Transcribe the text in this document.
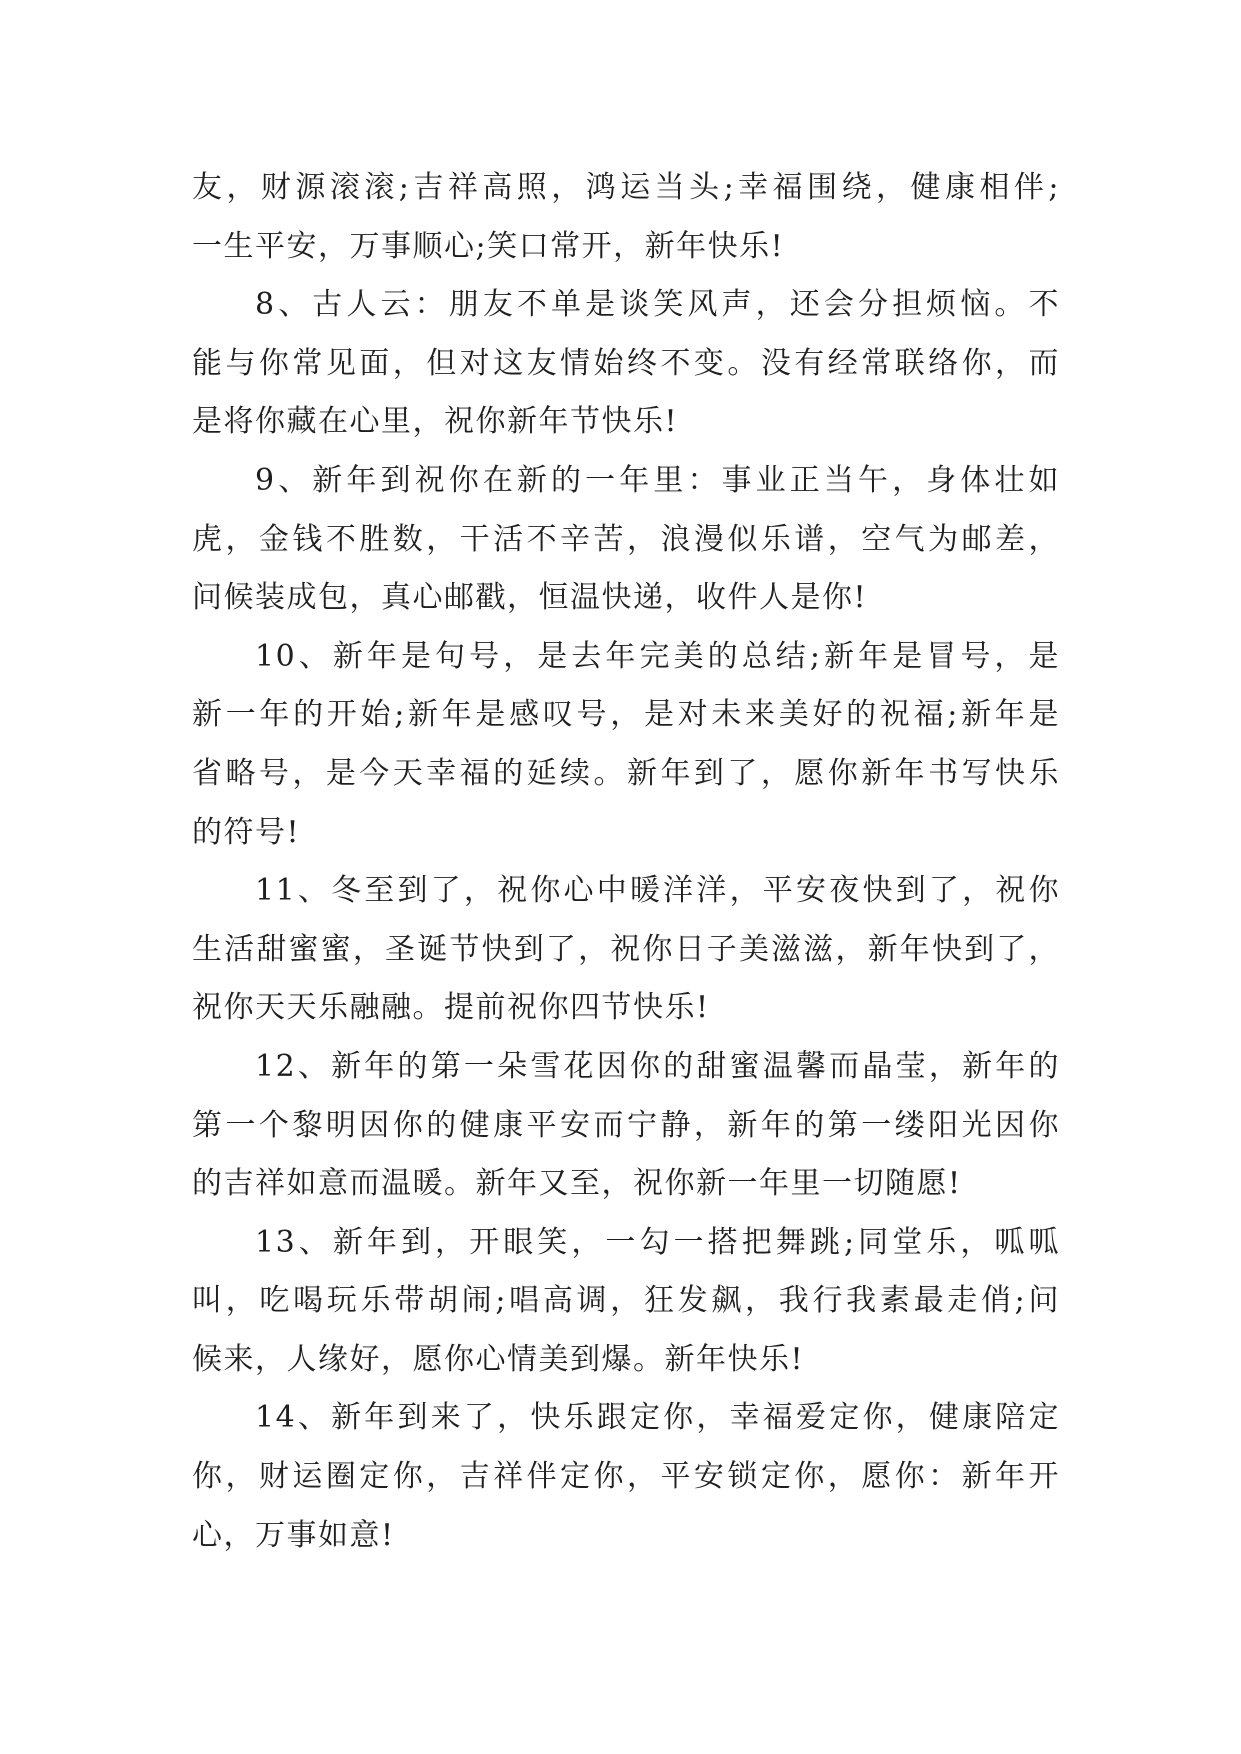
友，财源滚滚;吉祥高照，鸿运当头;幸福围绕，健康相伴;
一生平安，万事顺心;笑口常开，新年快乐!
8、古人云：朋友不单是谈笑风声，还会分担烦恼。不
能与你常见面，但对这友情始终不变。没有经常联络你，而
是将你藏在心里，祝你新年节快乐!
9、新年到祝你在新的一年里：事业正当午，身体壮如
虎，金钱不胜数，干活不辛苦，浪漫似乐谱，空气为邮差，
问候装成包，真心邮戳，恒温快递，收件人是你!
10、新年是句号，是去年完美的总结;新年是冒号，是
新一年的开始;新年是感叹号，是对未来美好的祝福;新年是
省略号，是今天幸福的延续。新年到了，愿你新年书写快乐
的符号!
11、冬至到了，祝你心中暖洋洋，平安夜快到了，祝你
生活甜蜜蜜，圣诞节快到了，祝你日子美滋滋，新年快到了，
祝你天天乐融融。提前祝你四节快乐!
12、新年的第一朵雪花因你的甜蜜温馨而晶莹，新年的
第一个黎明因你的健康平安而宁静，新年的第一缕阳光因你
的吉祥如意而温暖。新年又至，祝你新一年里一切随愿!
13、新年到，开眼笑，一勾一搭把舞跳;同堂乐，呱呱
叫，吃喝玩乐带胡闹;唱高调，狂发飙，我行我素最走俏;问
候来，人缘好，愿你心情美到爆。新年快乐!
14、新年到来了，快乐跟定你，幸福爱定你，健康陪定
你，财运圈定你，吉祥伴定你，平安锁定你，愿你：新年开
心，万事如意!
